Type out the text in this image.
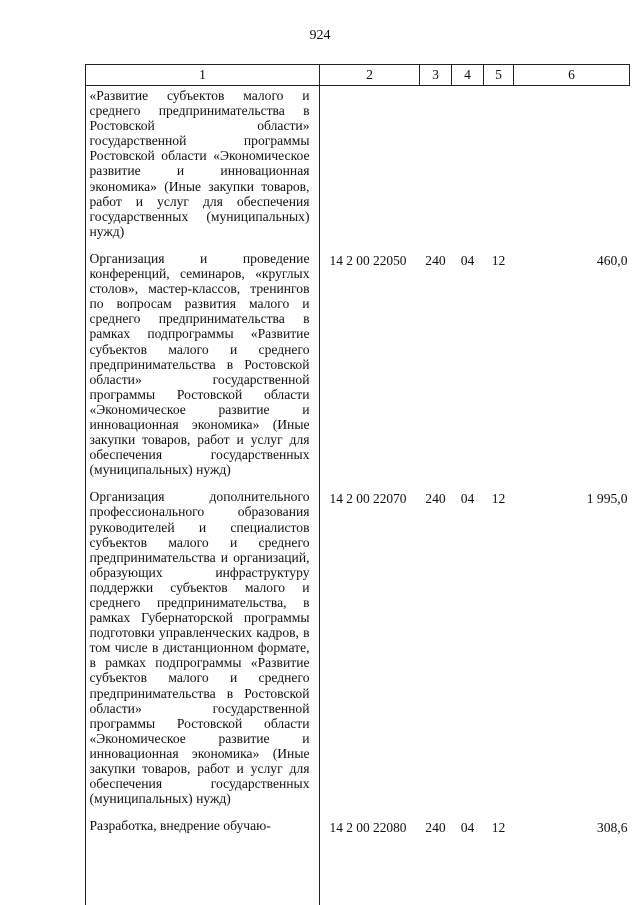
924
1	2	3	4	5	6
«Развитие субъектов малого и среднего предпринимательства в Ростовской области» государственной программы Ростовской области «Экономическое развитие и инновационная экономика» (Иные закупки товаров, работ и услуг для обеспечения государственных (муниципальных) нужд)					
Организация и проведение конференций, семинаров, «круглых столов», мастер-классов, тренингов по вопросам развития малого и среднего предпринимательства в рамках подпрограммы «Развитие субъектов малого и среднего предпринимательства в Ростовской области» государственной программы Ростовской области «Экономическое развитие и инновационная экономика» (Иные закупки товаров, работ и услуг для обеспечения государственных (муниципальных) нужд)	14 2 00 22050	240	04	12	460,0
Организация дополнительного профессионального образования руководителей и специалистов субъектов малого и среднего предпринимательства и организаций, образующих инфраструктуру поддержки субъектов малого и среднего предпринимательства, в рамках Губернаторской программы подготовки управленческих кадров, в том числе в дистанционном формате, в рамках подпрограммы «Развитие субъектов малого и среднего предпринимательства в Ростовской области» государственной программы Ростовской области «Экономическое развитие и инновационная экономика» (Иные закупки товаров, работ и услуг для обеспечения государственных (муниципальных) нужд)	14 2 00 22070	240	04	12	1 995,0
Разработка, внедрение обучаю-	14 2 00 22080	240	04	12	308,6
